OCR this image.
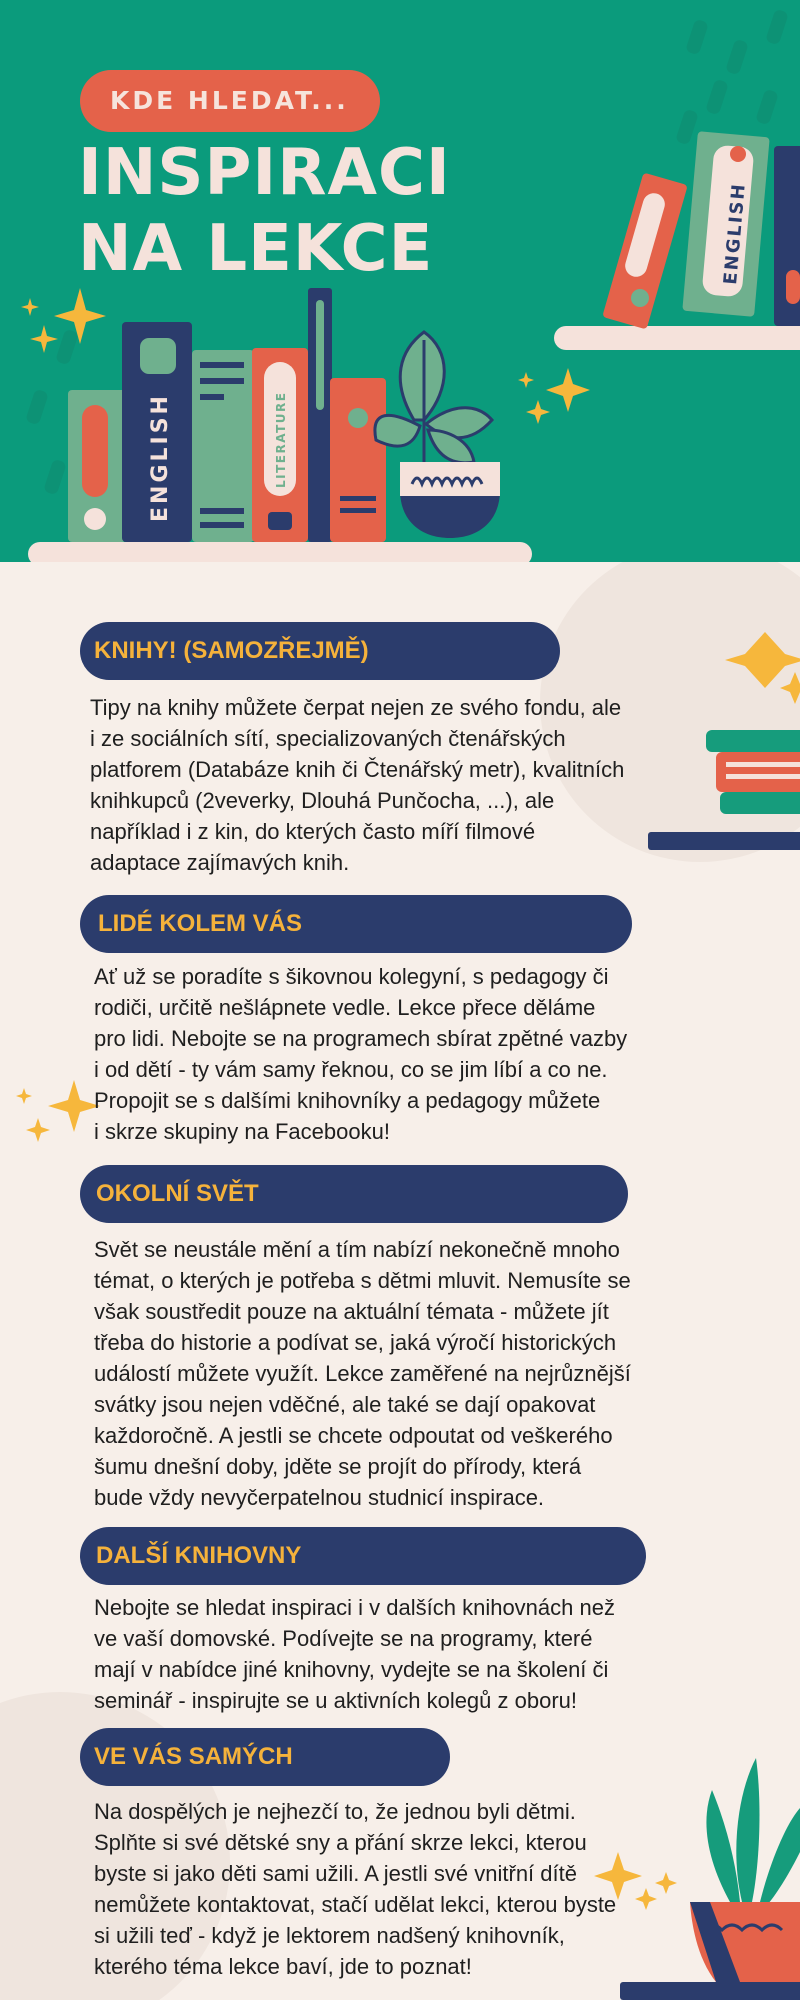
ENGLISH	LITERATURE
ENGLISH
KDE HLEDAT...
INSPIRACI NA LEKCE
KNIHY! (SAMOZŘEJMĚ)
Tipy na knihy můžete čerpat nejen ze svého fondu, ale
i ze sociálních sítí, specializovaných čtenářských
platforem (Databáze knih či Čtenářský metr), kvalitních
knihkupců (2veverky, Dlouhá Punčocha, ...), ale
například i z kin, do kterých často míří filmové
adaptace zajímavých knih.
LIDÉ KOLEM VÁS
Ať už se poradíte s šikovnou kolegyní, s pedagogy či
rodiči, určitě nešlápnete vedle. Lekce přece děláme
pro lidi. Nebojte se na programech sbírat zpětné vazby
i od dětí - ty vám samy řeknou, co se jim líbí a co ne.
Propojit se s dalšími knihovníky a pedagogy můžete
i skrze skupiny na Facebooku!
OKOLNÍ SVĚT
Svět se neustále mění a tím nabízí nekonečně mnoho
témat, o kterých je potřeba s dětmi mluvit. Nemusíte se
však soustředit pouze na aktuální témata - můžete jít
třeba do historie a podívat se, jaká výročí historických
událostí můžete využít. Lekce zaměřené na nejrůznější
svátky jsou nejen vděčné, ale také se dají opakovat
každoročně. A jestli se chcete odpoutat od veškerého
šumu dnešní doby, jděte se projít do přírody, která
bude vždy nevyčerpatelnou studnicí inspirace.
DALŠÍ KNIHOVNY
Nebojte se hledat inspiraci i v dalších knihovnách než
ve vaší domovské. Podívejte se na programy, které
mají v nabídce jiné knihovny, vydejte se na školení či
seminář - inspirujte se u aktivních kolegů z oboru!
VE VÁS SAMÝCH
Na dospělých je nejhezčí to, že jednou byli dětmi.
Splňte si své dětské sny a přání skrze lekci, kterou
byste si jako děti sami užili. A jestli své vnitřní dítě
nemůžete kontaktovat, stačí udělat lekci, kterou byste
si užili teď - když je lektorem nadšený knihovník,
kterého téma lekce baví, jde to poznat!
